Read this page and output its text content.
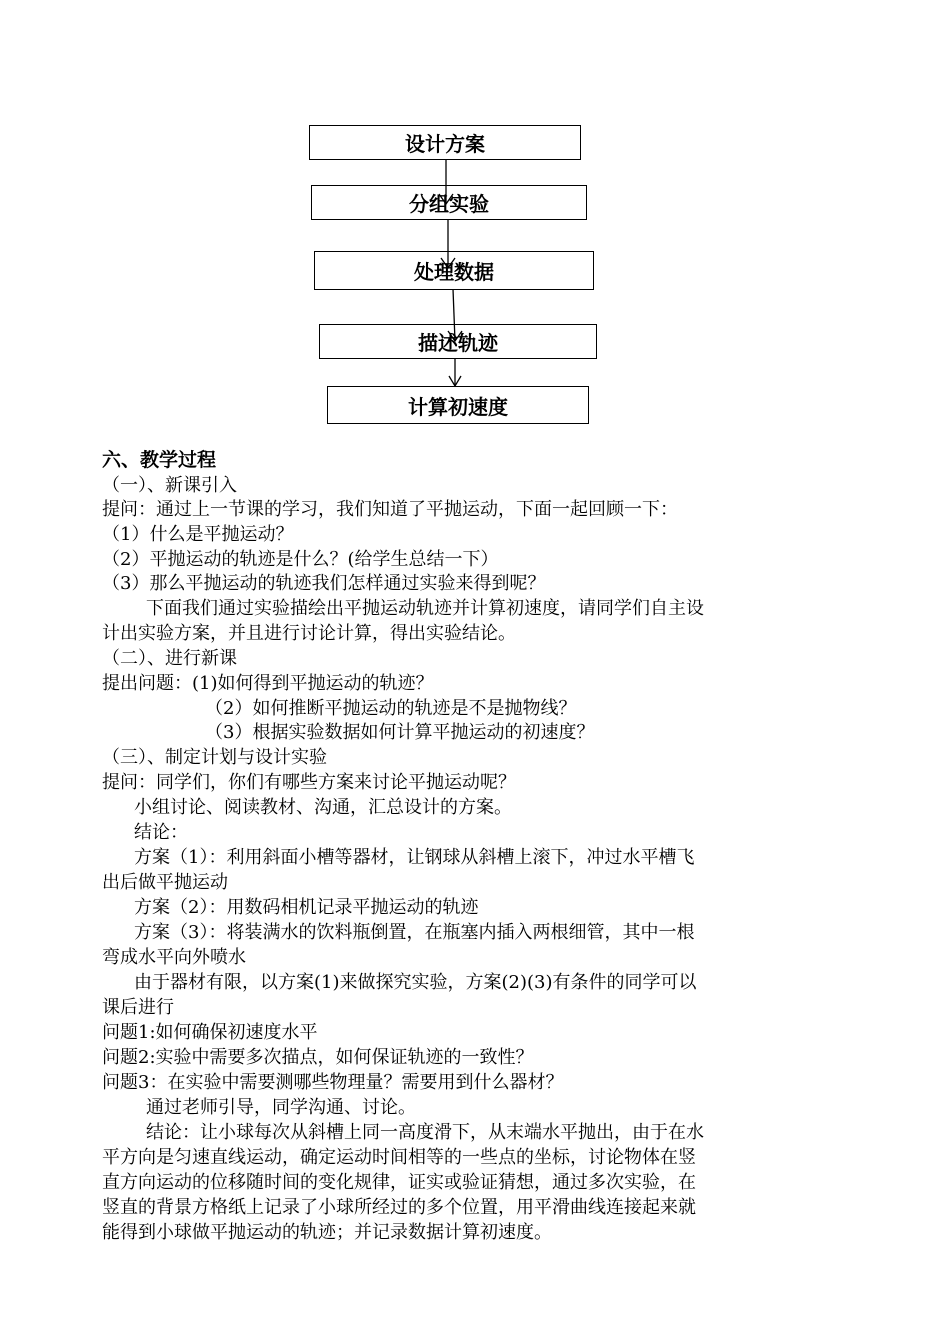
设计方案
分组实验
处理数据
描述轨迹
计算初速度
六、教学过程
（一）、新课引入
提问：通过上一节课的学习，我们知道了平抛运动，下面一起回顾一下：
（1）什么是平抛运动？
（2）平抛运动的轨迹是什么？(给学生总结一下）
（3）那么平抛运动的轨迹我们怎样通过实验来得到呢？
下面我们通过实验描绘出平抛运动轨迹并计算初速度，请同学们自主设
计出实验方案，并且进行讨论计算，得出实验结论。
（二）、进行新课
提出问题：(1)如何得到平抛运动的轨迹？
（2）如何推断平抛运动的轨迹是不是抛物线？
（3）根据实验数据如何计算平抛运动的初速度？
（三）、制定计划与设计实验
提问：同学们，你们有哪些方案来讨论平抛运动呢？
小组讨论、阅读教材、沟通，汇总设计的方案。
结论：
方案（1）：利用斜面小槽等器材，让钢球从斜槽上滚下，冲过水平槽飞
出后做平抛运动
方案（2）：用数码相机记录平抛运动的轨迹
方案（3）：将装满水的饮料瓶倒置，在瓶塞内插入两根细管，其中一根
弯成水平向外喷水
由于器材有限，以方案(1)来做探究实验，方案(2)(3)有条件的同学可以
课后进行
问题1:如何确保初速度水平
问题2:实验中需要多次描点，如何保证轨迹的一致性？
问题3：在实验中需要测哪些物理量？需要用到什么器材？
通过老师引导，同学沟通、讨论。
结论：让小球每次从斜槽上同一高度滑下，从末端水平抛出，由于在水
平方向是匀速直线运动，确定运动时间相等的一些点的坐标，讨论物体在竖
直方向运动的位移随时间的变化规律，证实或验证猜想，通过多次实验，在
竖直的背景方格纸上记录了小球所经过的多个位置，用平滑曲线连接起来就
能得到小球做平抛运动的轨迹；并记录数据计算初速度。
